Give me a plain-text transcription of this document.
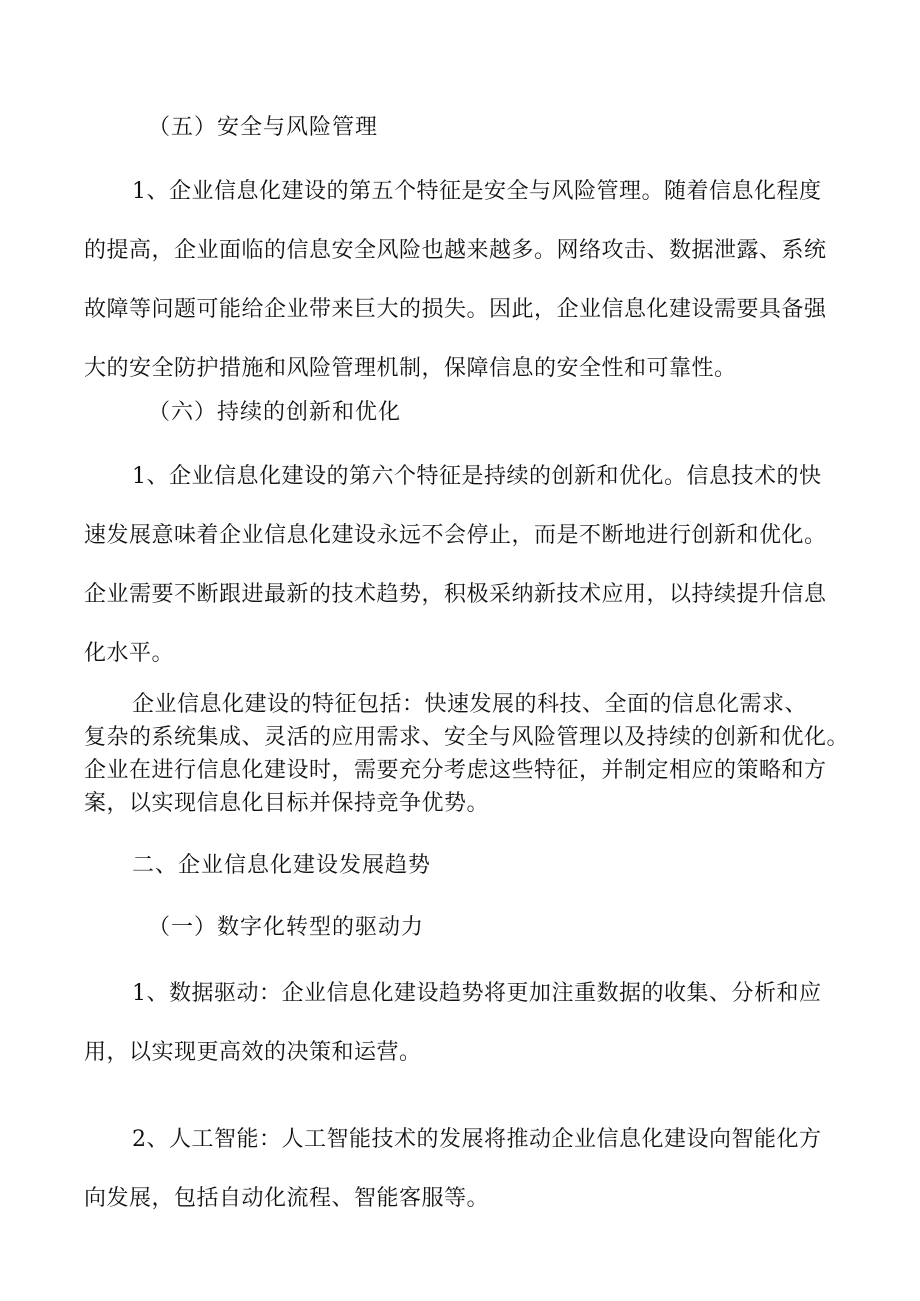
（五）安全与风险管理
1、企业信息化建设的第五个特征是安全与风险管理。随着信息化程度
的提高，企业面临的信息安全风险也越来越多。网络攻击、数据泄露、系统
故障等问题可能给企业带来巨大的损失。因此，企业信息化建设需要具备强
大的安全防护措施和风险管理机制，保障信息的安全性和可靠性。
（六）持续的创新和优化
1、企业信息化建设的第六个特征是持续的创新和优化。信息技术的快
速发展意味着企业信息化建设永远不会停止，而是不断地进行创新和优化。
企业需要不断跟进最新的技术趋势，积极采纳新技术应用，以持续提升信息
化水平。
企业信息化建设的特征包括：快速发展的科技、全面的信息化需求、
复杂的系统集成、灵活的应用需求、安全与风险管理以及持续的创新和优化。
企业在进行信息化建设时，需要充分考虑这些特征，并制定相应的策略和方
案，以实现信息化目标并保持竞争优势。
二、企业信息化建设发展趋势
（一）数字化转型的驱动力
1、数据驱动：企业信息化建设趋势将更加注重数据的收集、分析和应
用，以实现更高效的决策和运营。
2、人工智能：人工智能技术的发展将推动企业信息化建设向智能化方
向发展，包括自动化流程、智能客服等。
